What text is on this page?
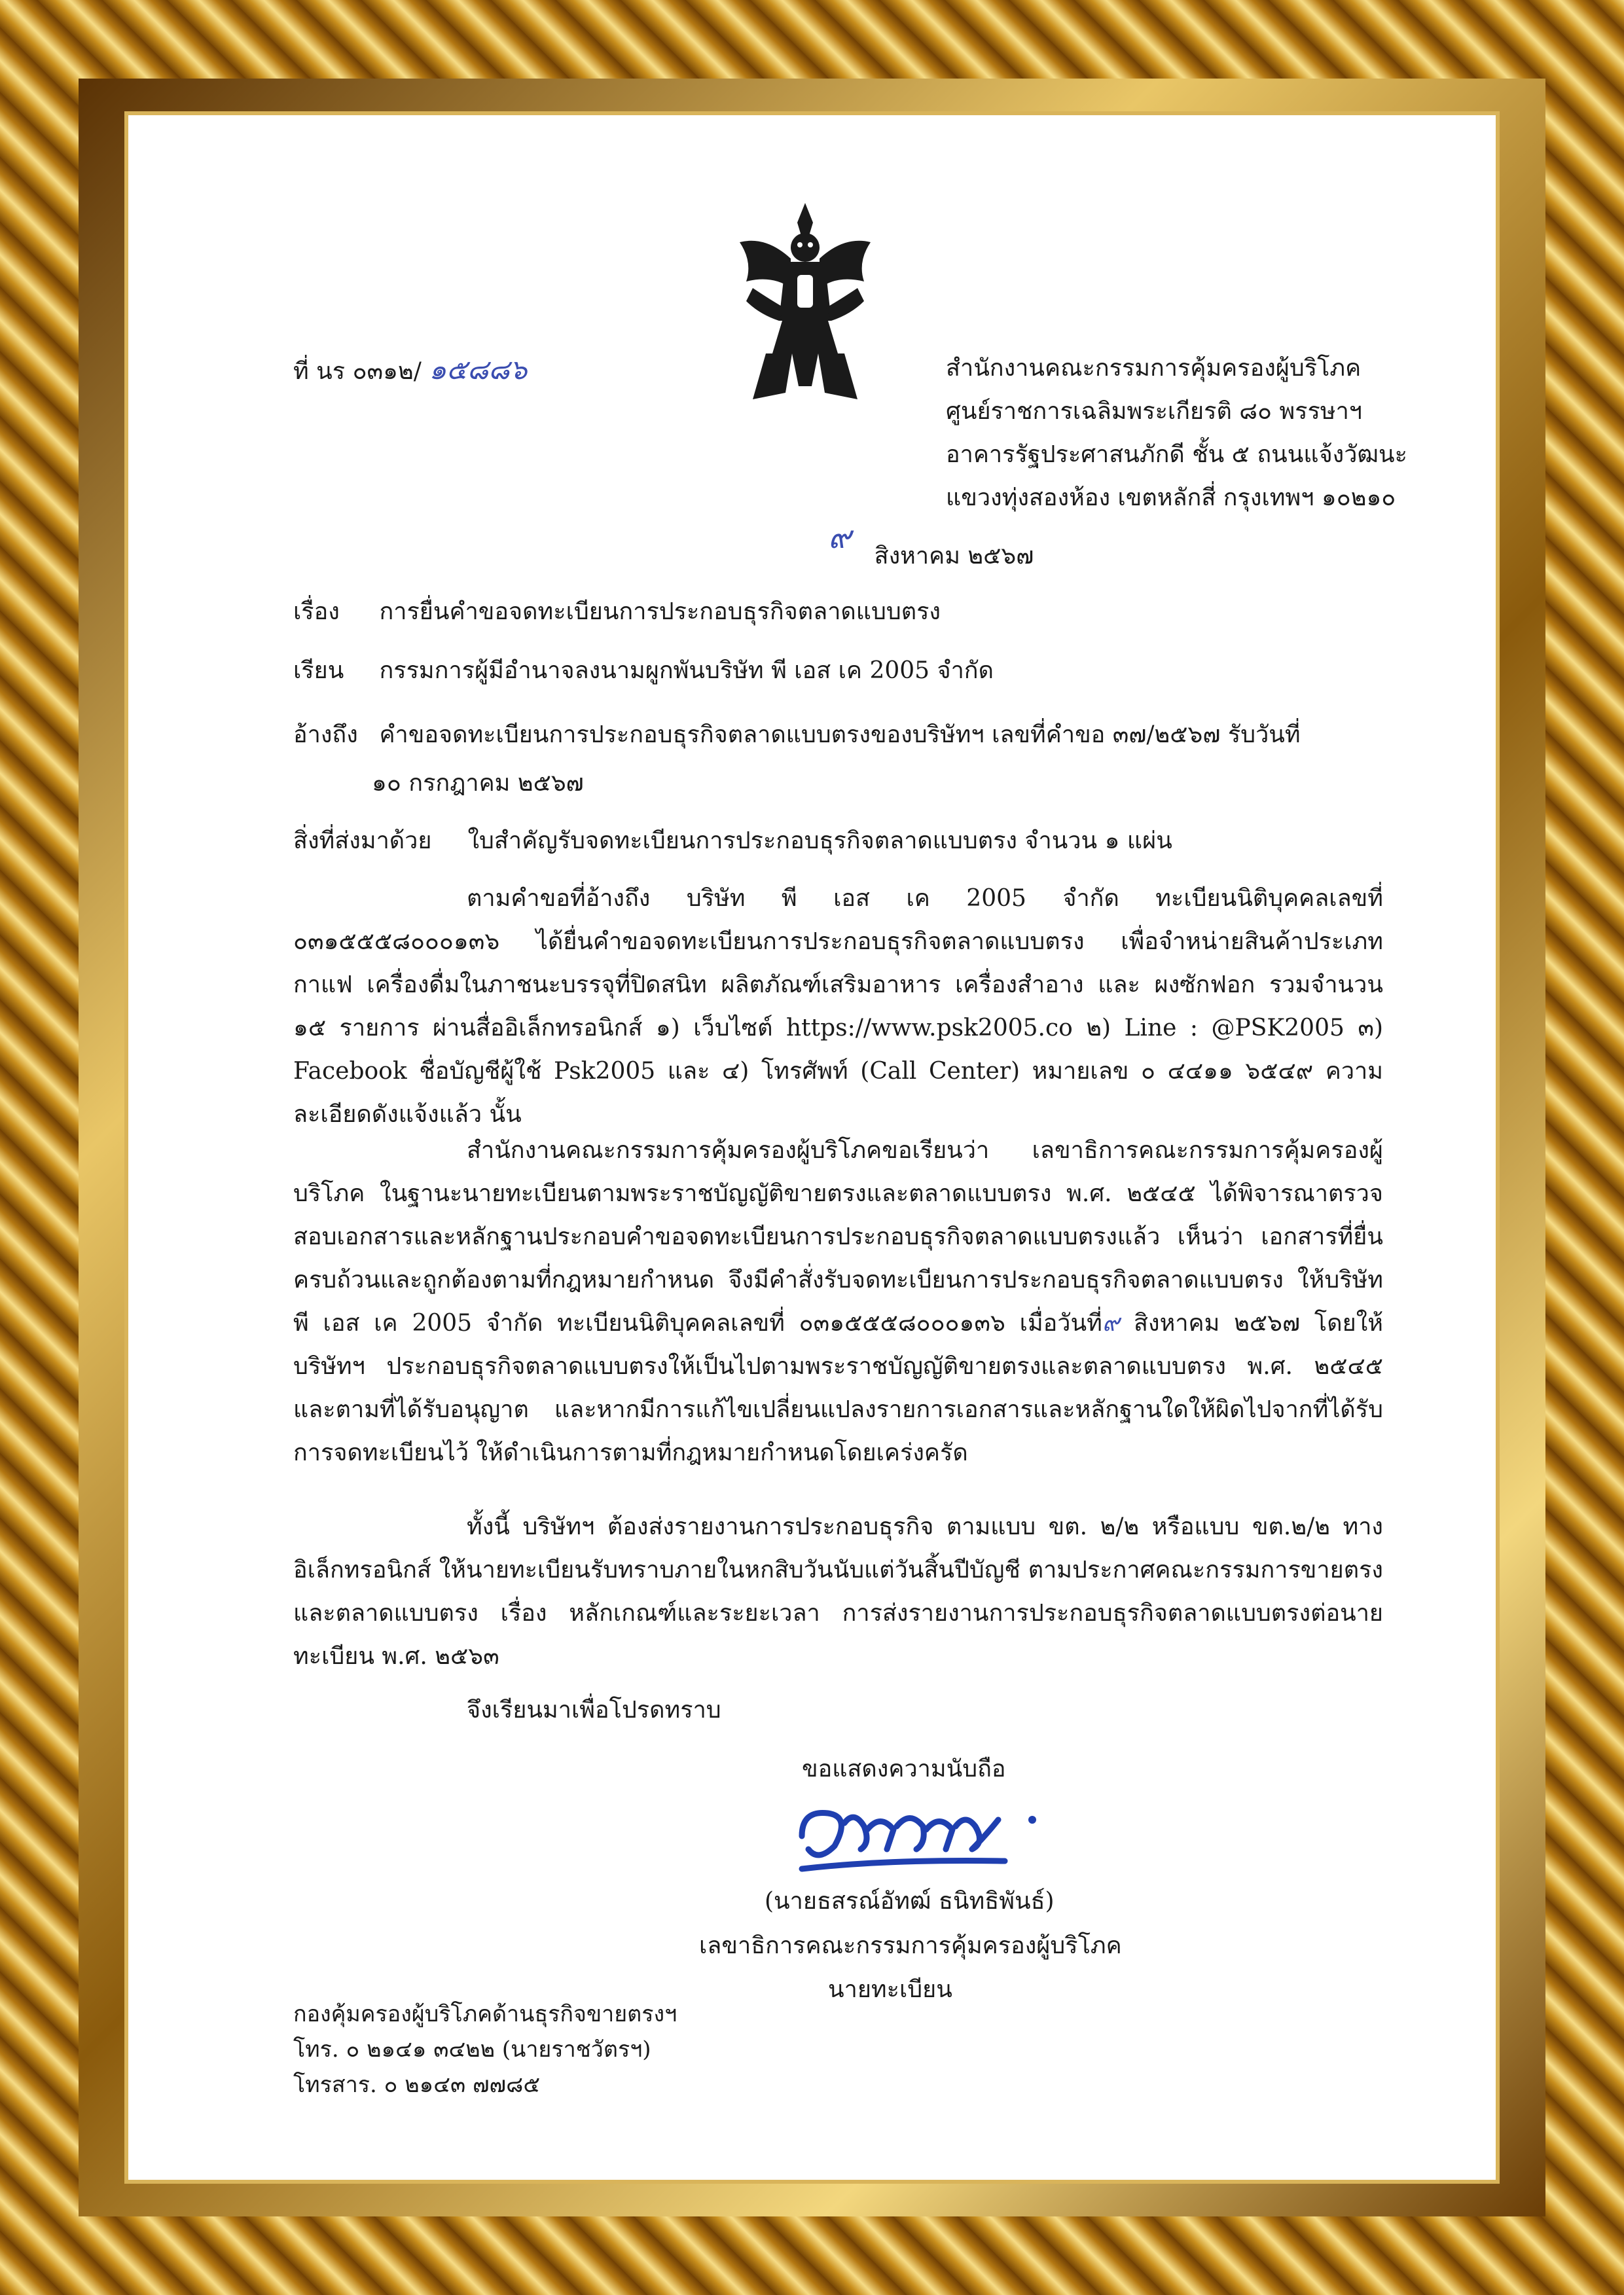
ที่ นร ๐๓๑๒/ ๑๕๘๘๖	สำนักงานคณะกรรมการคุ้มครองผู้บริโภค
ศูนย์ราชการเฉลิมพระเกียรติ ๘๐ พรรษาฯ
อาคารรัฐประศาสนภักดี ชั้น ๕ ถนนแจ้งวัฒนะ
แขวงทุ่งสองห้อง เขตหลักสี่ กรุงเทพฯ ๑๐๒๑๐
๙ สิงหาคม ๒๕๖๗
เรื่อง การยื่นคำขอจดทะเบียนการประกอบธุรกิจตลาดแบบตรง
เรียน กรรมการผู้มีอำนาจลงนามผูกพันบริษัท พี เอส เค 2005 จำกัด
อ้างถึง คำขอจดทะเบียนการประกอบธุรกิจตลาดแบบตรงของบริษัทฯ เลขที่คำขอ ๓๗/๒๕๖๗ รับวันที่
๑๐ กรกฎาคม ๒๕๖๗
สิ่งที่ส่งมาด้วย ใบสำคัญรับจดทะเบียนการประกอบธุรกิจตลาดแบบตรง จำนวน ๑ แผ่น
ตามคำขอที่อ้างถึง บริษัท พี เอส เค 2005 จำกัด ทะเบียนนิติบุคคลเลขที่ ๐๓๑๕๕๕๘๐๐๐๑๓๖ ได้ยื่นคำขอจดทะเบียนการประกอบธุรกิจตลาดแบบตรง เพื่อจำหน่ายสินค้าประเภทกาแฟ เครื่องดื่มในภาชนะบรรจุที่ปิดสนิท ผลิตภัณฑ์เสริมอาหาร เครื่องสำอาง และ ผงซักฟอก รวมจำนวน ๑๕ รายการ ผ่านสื่ออิเล็กทรอนิกส์ ๑) เว็บไซต์ https://www.psk2005.co ๒) Line : @PSK2005 ๓) Facebook ชื่อบัญชีผู้ใช้ Psk2005 และ ๔) โทรศัพท์ (Call Center) หมายเลข ๐ ๔๔๑๑ ๖๕๔๙ ความละเอียดดังแจ้งแล้ว นั้น
สำนักงานคณะกรรมการคุ้มครองผู้บริโภคขอเรียนว่า เลขาธิการคณะกรรมการคุ้มครองผู้บริโภค ในฐานะนายทะเบียนตามพระราชบัญญัติขายตรงและตลาดแบบตรง พ.ศ. ๒๕๔๕ ได้พิจารณาตรวจสอบเอกสารและหลักฐานประกอบคำขอจดทะเบียนการประกอบธุรกิจตลาดแบบตรงแล้ว เห็นว่า เอกสารที่ยื่นครบถ้วนและถูกต้องตามที่กฎหมายกำหนด จึงมีคำสั่งรับจดทะเบียนการประกอบธุรกิจตลาดแบบตรง ให้บริษัท พี เอส เค 2005 จำกัด ทะเบียนนิติบุคคลเลขที่ ๐๓๑๕๕๕๘๐๐๐๑๓๖ เมื่อวันที่๙ สิงหาคม ๒๕๖๗ โดยให้บริษัทฯ ประกอบธุรกิจตลาดแบบตรงให้เป็นไปตามพระราชบัญญัติขายตรงและตลาดแบบตรง พ.ศ. ๒๕๔๕ และตามที่ได้รับอนุญาต และหากมีการแก้ไขเปลี่ยนแปลงรายการเอกสารและหลักฐานใดให้ผิดไปจากที่ได้รับการจดทะเบียนไว้ ให้ดำเนินการตามที่กฎหมายกำหนดโดยเคร่งครัด
ทั้งนี้ บริษัทฯ ต้องส่งรายงานการประกอบธุรกิจ ตามแบบ ขต. ๒/๒ หรือแบบ ขต.๒/๒ ทางอิเล็กทรอนิกส์ ให้นายทะเบียนรับทราบภายในหกสิบวันนับแต่วันสิ้นปีบัญชี ตามประกาศคณะกรรมการขายตรงและตลาดแบบตรง เรื่อง หลักเกณฑ์และระยะเวลา การส่งรายงานการประกอบธุรกิจตลาดแบบตรงต่อนายทะเบียน พ.ศ. ๒๕๖๓
จึงเรียนมาเพื่อโปรดทราบ
ขอแสดงความนับถือ
(นายธสรณ์อัทฒ์ ธนิทธิพันธ์)
เลขาธิการคณะกรรมการคุ้มครองผู้บริโภค
นายทะเบียน
กองคุ้มครองผู้บริโภคด้านธุรกิจขายตรงฯ
โทร. ๐ ๒๑๔๑ ๓๔๒๒ (นายราชวัตรฯ)
โทรสาร. ๐ ๒๑๔๓ ๗๗๘๕
